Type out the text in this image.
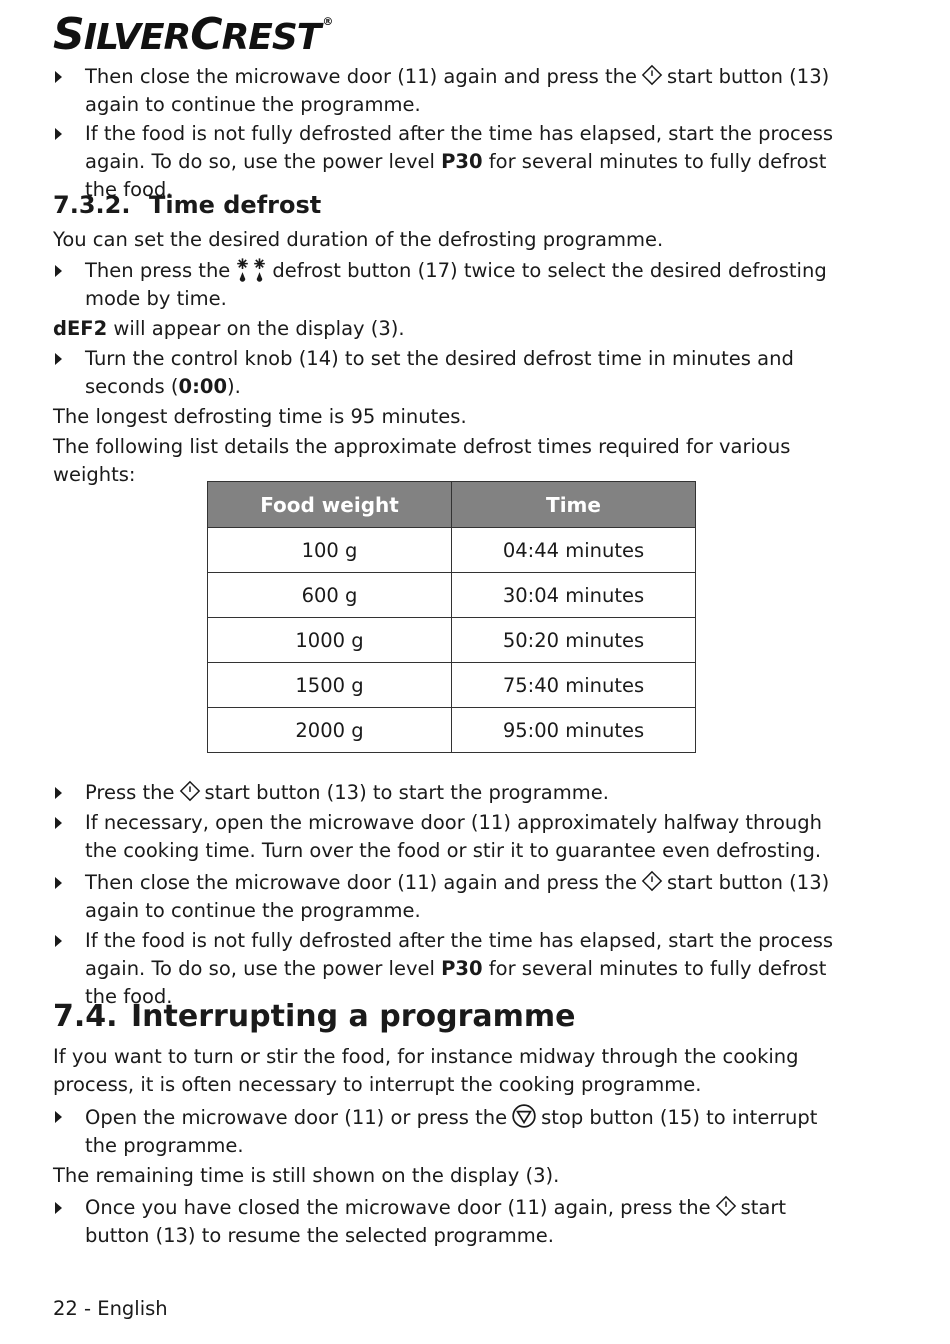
SILVERCREST ®

Then close the microwave door (11) again and press the start button (13) again to continue the programme.

If the food is not fully defrosted after the time has elapsed, start the process again. To do so, use the power level P30 for several minutes to fully defrost the food.

7.3.2. Time defrost

You can set the desired duration of the defrosting programme.

Then press the defrost button (17) twice to select the desired defrosting mode by time.

dEF2 will appear on the display (3).

Turn the control knob (14) to set the desired defrost time in minutes and seconds (0:00).

The longest defrosting time is 95 minutes.

The following list details the approximate defrost times required for various weights:

Food weight	Time
100 g	04:44 minutes
600 g	30:04 minutes
1000 g	50:20 minutes
1500 g	75:40 minutes
2000 g	95:00 minutes

Press the start button (13) to start the programme.

If necessary, open the microwave door (11) approximately halfway through the cooking time. Turn over the food or stir it to guarantee even defrosting.

Then close the microwave door (11) again and press the start button (13) again to continue the programme.

If the food is not fully defrosted after the time has elapsed, start the process again. To do so, use the power level P30 for several minutes to fully defrost the food.

7.4. Interrupting a programme

If you want to turn or stir the food, for instance midway through the cooking process, it is often necessary to interrupt the cooking programme.

Open the microwave door (11) or press the stop button (15) to interrupt the programme.

The remaining time is still shown on the display (3).

Once you have closed the microwave door (11) again, press the start button (13) to resume the selected programme.

22 - English
